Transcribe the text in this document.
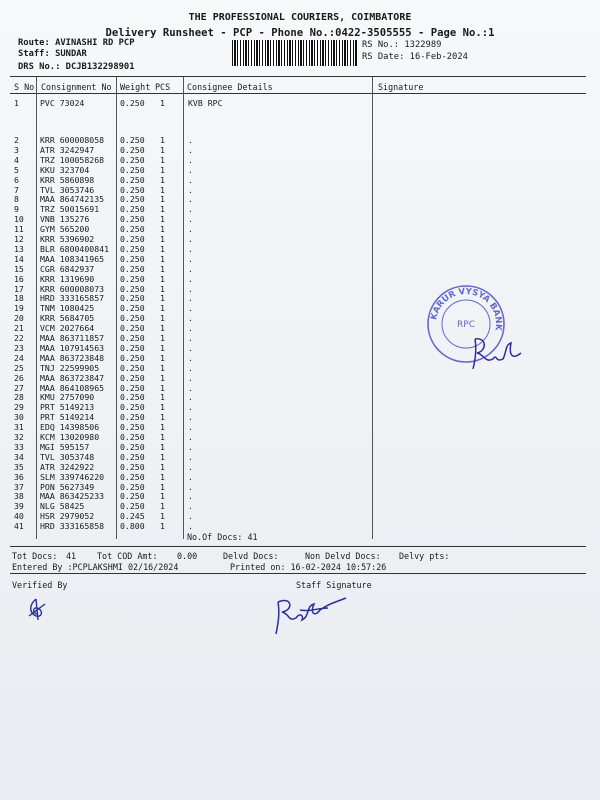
THE PROFESSIONAL COURIERS, COIMBATORE
Delivery Runsheet - PCP - Phone No.:0422-3505555 - Page No.:1
Route: AVINASHI RD PCP
Staff: SUNDAR
DRS No.: DCJB132298901
RS No.: 1322989
RS Date: 16-Feb-2024
S No Consignment No Weight PCS Consignee Details	Signature
1	PVC 73024	0.250 1	KVB RPC
2	KRR 600008058 0.250 1	.
3	ATR 3242947	0.250 1	.
4	TRZ 100058268 0.250 1	.
5	KKU 323704	0.250 1	.
6	KRR 5860898	0.250 1	.
7	TVL 3053746	0.250 1	.
8	MAA 864742135 0.250 1	.
9	TRZ 50015691	0.250 1	.
10 VNB 135276	0.250 1	.
11 GYM 565200	0.250 1	.
12 KRR 5396902	0.250 1	.
13 BLR 6800400841 0.250 1	.
14 MAA 108341965 0.250 1	.
15 CGR 6842937	0.250 1	.
16 KRR 1319690	0.250 1	.
17 KRR 600008073 0.250 1	.
18 HRD 333165857 0.250 1	.
19 TNM 1080425	0.250 1	.
20 KRR 5684705	0.250 1	.
21 VCM 2027664	0.250 1	.
22 MAA 863711857 0.250 1	.
23 MAA 107914563 0.250 1	.
24 MAA 863723848 0.250 1	.
25 TNJ 22599905	0.250 1	.
26 MAA 863723847 0.250 1	.
27 MAA 864108965 0.250 1	.
28 KMU 2757090	0.250 1	.
29 PRT 5149213	0.250 1	.
30 PRT 5149214	0.250 1	.
31 EDQ 14398506	0.250 1	.
32 KCM 13020980	0.250 1	.
33 MGI 595157	0.250 1	.
34 TVL 3053748	0.250 1	.
35 ATR 3242922	0.250 1	.
36 SLM 339746220 0.250 1	.
37 PON 5627349	0.250 1	.
38 MAA 863425233 0.250 1	.
39 NLG 58425	0.250 1	.
40 HSR 2979052	0.245 1	.
41 HRD 333165858 0.800 1	.
No.Of Docs: 41
Tot Docs: 41 Tot COD Amt: 0.00	Delvd Docs:	Non Delvd Docs: Delvy pts:
Entered By :PCPLAKSHMI 02/16/2024	Printed on: 16-02-2024 10:57:26
Verified By	Staff Signature
KARUR VYSYA BANK
RPC
